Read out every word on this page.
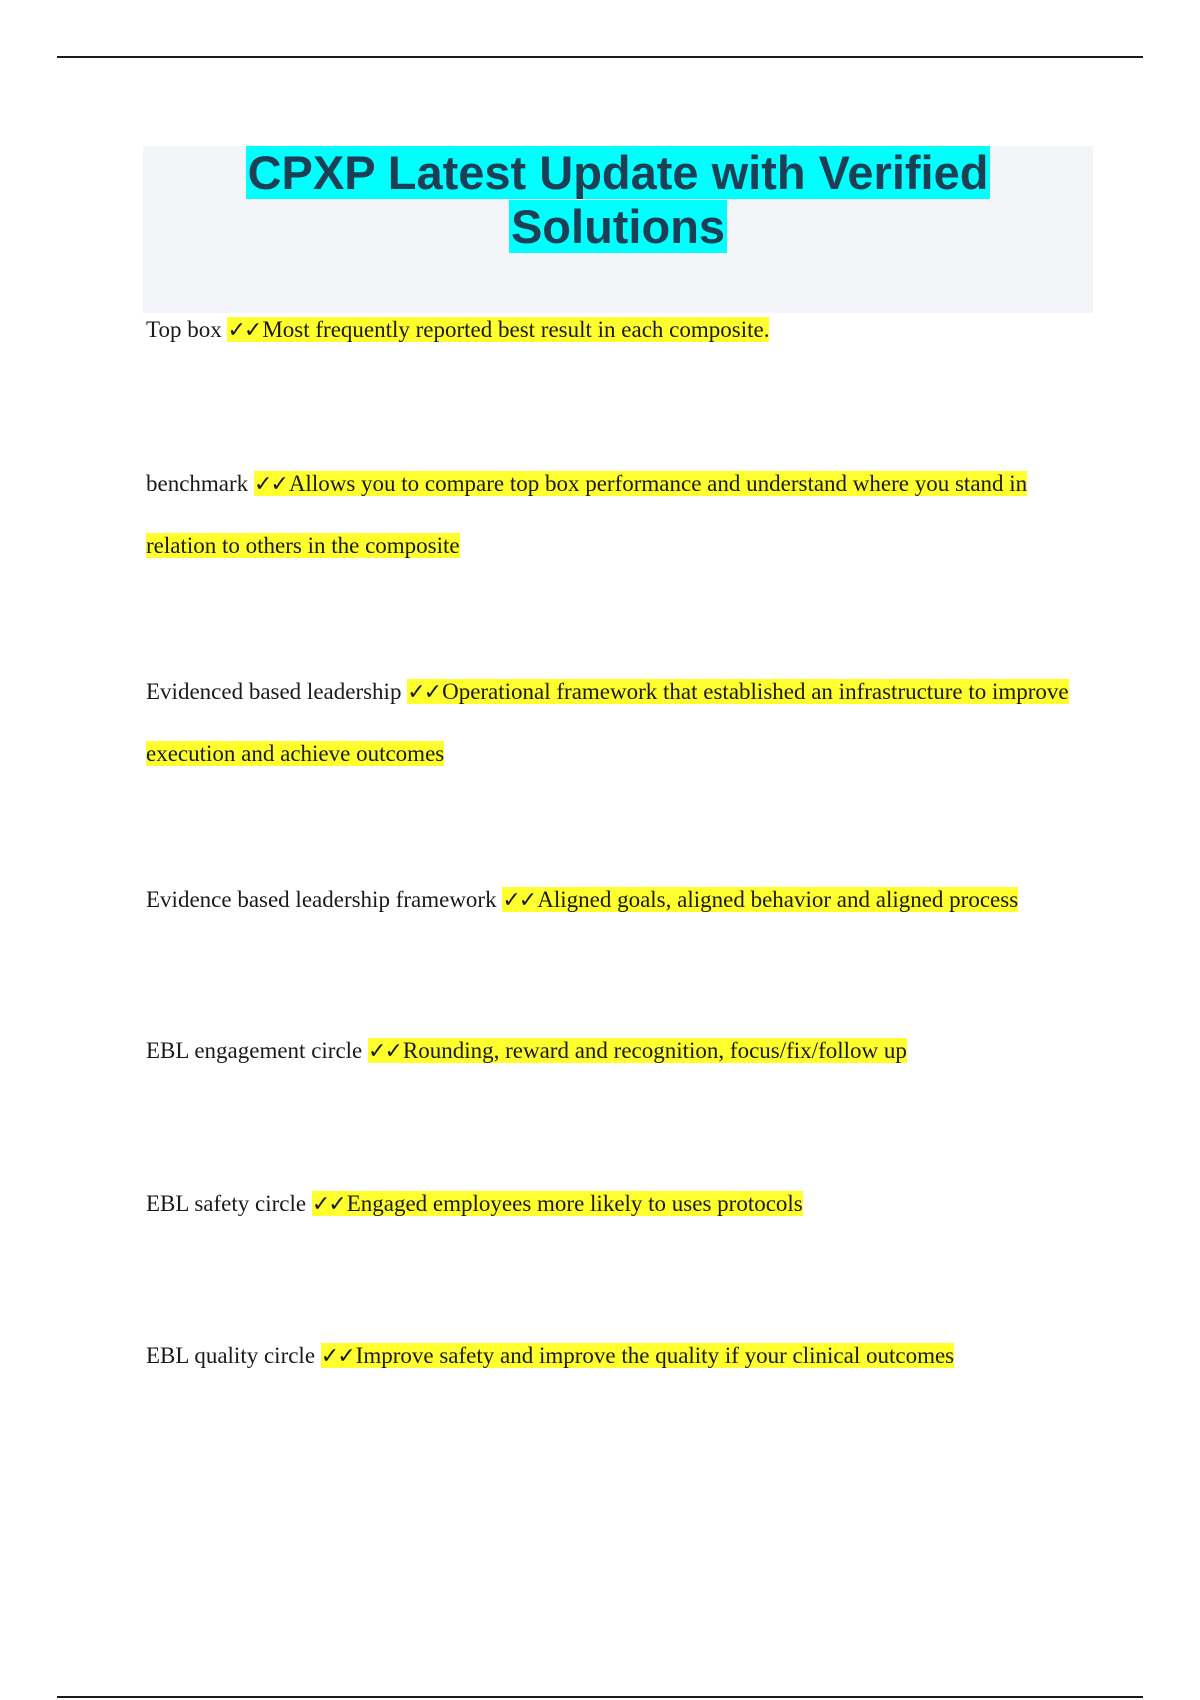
CPXP Latest Update with Verified Solutions

Top box ✓✓Most frequently reported best result in each composite.

benchmark ✓✓Allows you to compare top box performance and understand where you stand in relation to others in the composite

Evidenced based leadership ✓✓Operational framework that established an infrastructure to improve execution and achieve outcomes

Evidence based leadership framework ✓✓Aligned goals, aligned behavior and aligned process

EBL engagement circle ✓✓Rounding, reward and recognition, focus/fix/follow up

EBL safety circle ✓✓Engaged employees more likely to uses protocols

EBL quality circle ✓✓Improve safety and improve the quality if your clinical outcomes
